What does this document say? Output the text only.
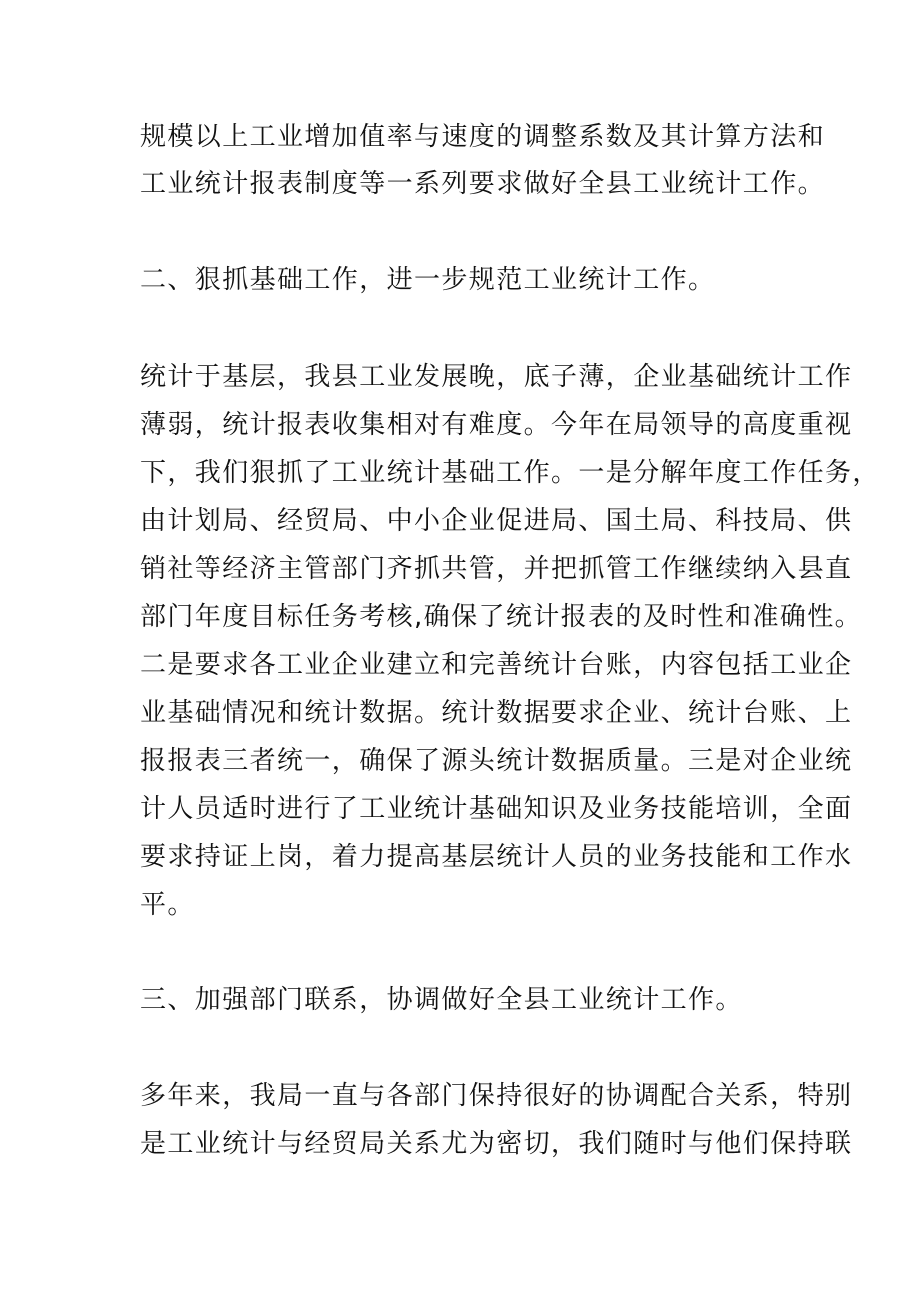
规模以上工业增加值率与速度的调整系数及其计算方法和
工业统计报表制度等一系列要求做好全县工业统计工作。
二、狠抓基础工作，进一步规范工业统计工作。
统计于基层，我县工业发展晚，底子薄，企业基础统计工作
薄弱，统计报表收集相对有难度。今年在局领导的高度重视
下，我们狠抓了工业统计基础工作。一是分解年度工作任务，
由计划局、经贸局、中小企业促进局、国土局、科技局、供
销社等经济主管部门齐抓共管，并把抓管工作继续纳入县直
部门年度目标任务考核,确保了统计报表的及时性和准确性。
二是要求各工业企业建立和完善统计台账，内容包括工业企
业基础情况和统计数据。统计数据要求企业、统计台账、上
报报表三者统一，确保了源头统计数据质量。三是对企业统
计人员适时进行了工业统计基础知识及业务技能培训，全面
要求持证上岗，着力提高基层统计人员的业务技能和工作水
平。
三、加强部门联系，协调做好全县工业统计工作。
多年来，我局一直与各部门保持很好的协调配合关系，特别
是工业统计与经贸局关系尤为密切，我们随时与他们保持联
